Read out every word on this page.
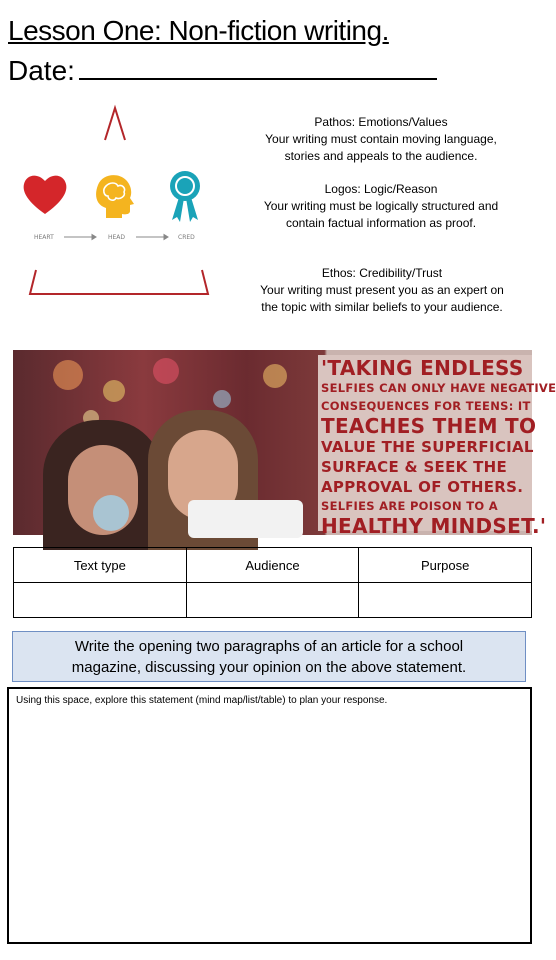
Lesson One: Non-fiction writing.
Date:
HEART	HEAD	CRED
Pathos: Emotions/Values
Your writing must contain moving language,
stories and appeals to the audience.
Logos: Logic/Reason
Your writing must be logically structured and
contain factual information as proof.
Ethos: Credibility/Trust
Your writing must present you as an expert on
the topic with similar beliefs to your audience.
'TAKING ENDLESS
SELFIES CAN ONLY HAVE NEGATIVE
CONSEQUENCES FOR TEENS: IT
TEACHES THEM TO
VALUE THE SUPERFICIAL
SURFACE & SEEK THE
APPROVAL OF OTHERS.
SELFIES ARE POISON TO A
HEALTHY MINDSET.'
Text type	Audience	Purpose

Write the opening two paragraphs of an article for a school
magazine, discussing your opinion on the above statement.
Using this space, explore this statement (mind map/list/table) to plan your response.
